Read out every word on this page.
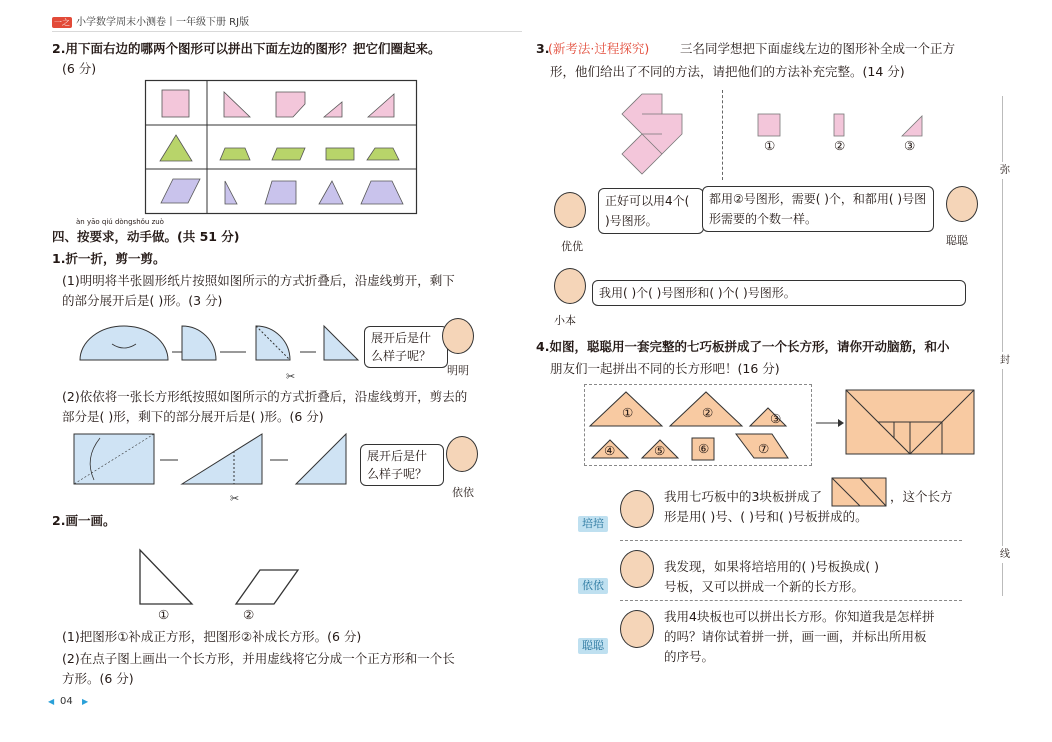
一之 小学数学周末小测卷丨一年级下册 RJ版
2.用下面右边的哪两个图形可以拼出下面左边的图形？把它们圈起来。
(6 分)
àn yāo qiú dòngshǒu zuò
四、按要求，动手做。(共 51 分)
1.折一折，剪一剪。
(1)明明将半张圆形纸片按照如图所示的方式折叠后，沿虚线剪开，剩下
的部分展开后是( )形。(3 分)
✂
展开后是什么样子呢？
明明
(2)依依将一张长方形纸按照如图所示的方式折叠后，沿虚线剪开，剪去的
部分是( )形，剩下的部分展开后是( )形。(6 分)
✂
展开后是什么样子呢？
依依
2.画一画。
①	②
(1)把图形①补成正方形，把图形②补成长方形。(6 分)
(2)在点子图上画出一个长方形，并用虚线将它分成一个正方形和一个长
方形。(6 分)
◀ 04 ▶
3.
(新考法·过程探究) 三名同学想把下面虚线左边的图形补全成一个正方
形，他们给出了不同的方法，请把他们的方法补充完整。(14 分)
①	②	③
优优
正好可以用4个( )号图形。
都用②号图形，需要( )个，和都用( )号图形需要的个数一样。
聪聪
小本
我用( )个( )号图形和( )个( )号图形。
4.如图，聪聪用一套完整的七巧板拼成了一个长方形，请你开动脑筋，和小
朋友们一起拼出不同的长方形吧！(16 分)
①	②	③
④	⑤	⑥	⑦
培培
我用七巧板中的3块板拼成了	，这个长方
形是用( )号、( )号和( )号板拼成的。
依依
我发现，如果将培培用的( )号板换成( )
号板，又可以拼成一个新的长方形。
聪聪
我用4块板也可以拼出长方形。你知道我是怎样拼
的吗？请你试着拼一拼，画一画，并标出所用板
的序号。
弥
封
线
